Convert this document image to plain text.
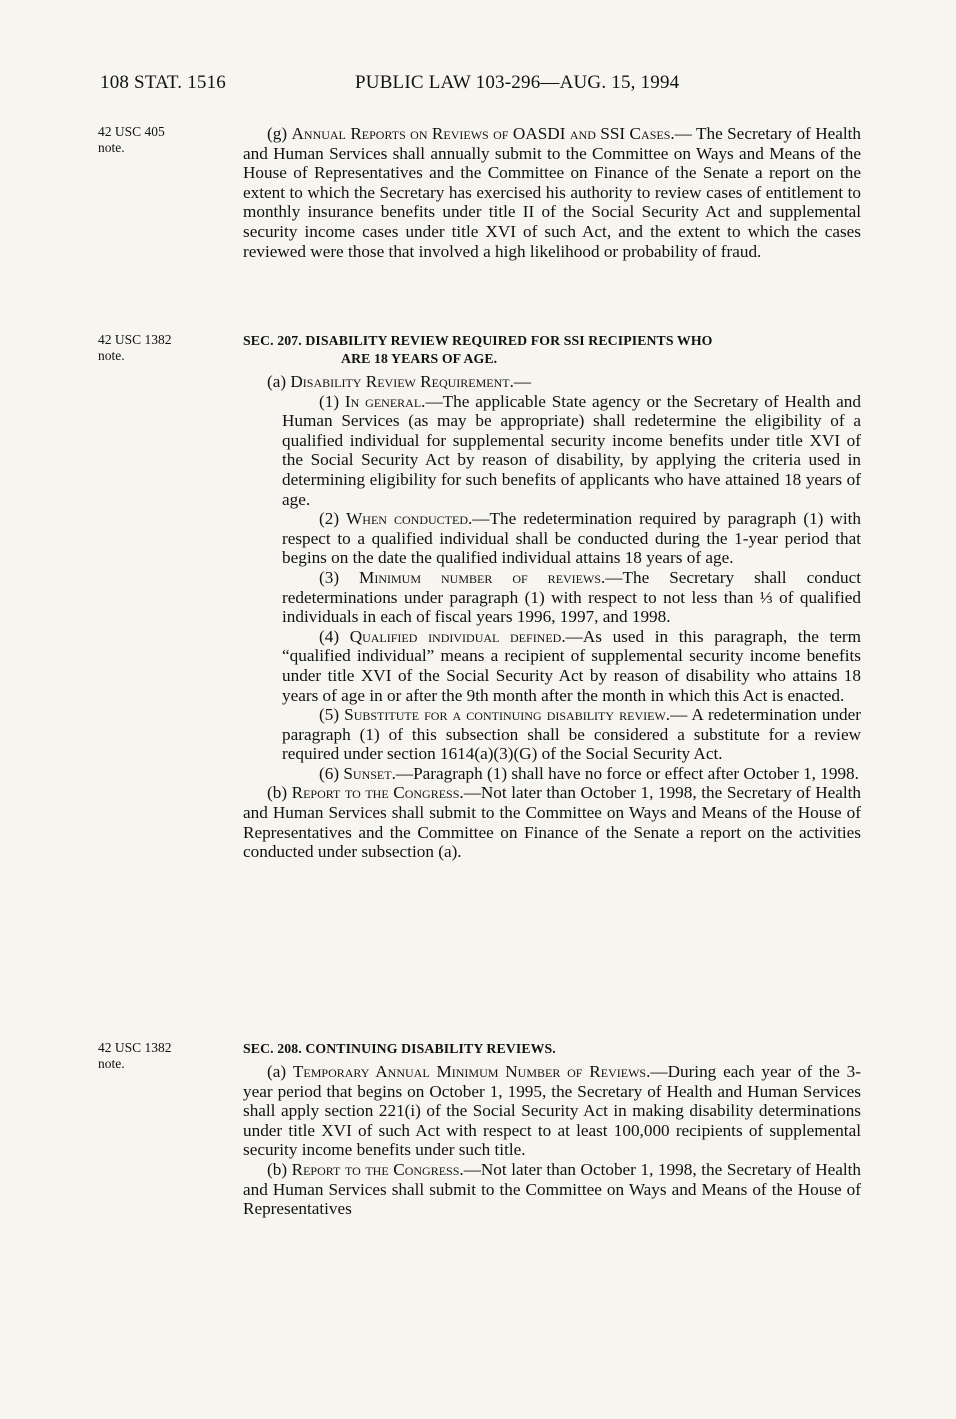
108 STAT. 1516	PUBLIC LAW 103-296—AUG. 15, 1994
42 USC 405
note.
42 USC 1382
note.
42 USC 1382
note.

(g) Annual Reports on Reviews of OASDI and SSI Cases.— The Secretary of Health and Human Services shall annually submit to the Committee on Ways and Means of the House of Representatives and the Committee on Finance of the Senate a report on the extent to which the Secretary has exercised his authority to review cases of entitlement to monthly insurance benefits under title II of the Social Security Act and supplemental security income cases under title XVI of such Act, and the extent to which the cases reviewed were those that involved a high likelihood or probability of fraud.

SEC. 207. DISABILITY REVIEW REQUIRED FOR SSI RECIPIENTS WHO
ARE 18 YEARS OF AGE.

(a) Disability Review Requirement.—

(1) In general.—The applicable State agency or the Secretary of Health and Human Services (as may be appropriate) shall redetermine the eligibility of a qualified individual for supplemental security income benefits under title XVI of the Social Security Act by reason of disability, by applying the criteria used in determining eligibility for such benefits of applicants who have attained 18 years of age.

(2) When conducted.—The redetermination required by paragraph (1) with respect to a qualified individual shall be conducted during the 1-year period that begins on the date the qualified individual attains 18 years of age.

(3) Minimum number of reviews.—The Secretary shall conduct redeterminations under paragraph (1) with respect to not less than ⅓ of qualified individuals in each of fiscal years 1996, 1997, and 1998.

(4) Qualified individual defined.—As used in this paragraph, the term “qualified individual” means a recipient of supplemental security income benefits under title XVI of the Social Security Act by reason of disability who attains 18 years of age in or after the 9th month after the month in which this Act is enacted.

(5) Substitute for a continuing disability review.— A redetermination under paragraph (1) of this subsection shall be considered a substitute for a review required under section 1614(a)(3)(G) of the Social Security Act.

(6) Sunset.—Paragraph (1) shall have no force or effect after October 1, 1998.

(b) Report to the Congress.—Not later than October 1, 1998, the Secretary of Health and Human Services shall submit to the Committee on Ways and Means of the House of Representatives and the Committee on Finance of the Senate a report on the activities conducted under subsection (a).

SEC. 208. CONTINUING DISABILITY REVIEWS.

(a) Temporary Annual Minimum Number of Reviews.—During each year of the 3-year period that begins on October 1, 1995, the Secretary of Health and Human Services shall apply section 221(i) of the Social Security Act in making disability determinations under title XVI of such Act with respect to at least 100,000 recipients of supplemental security income benefits under such title.

(b) Report to the Congress.—Not later than October 1, 1998, the Secretary of Health and Human Services shall submit to the Committee on Ways and Means of the House of Representatives
